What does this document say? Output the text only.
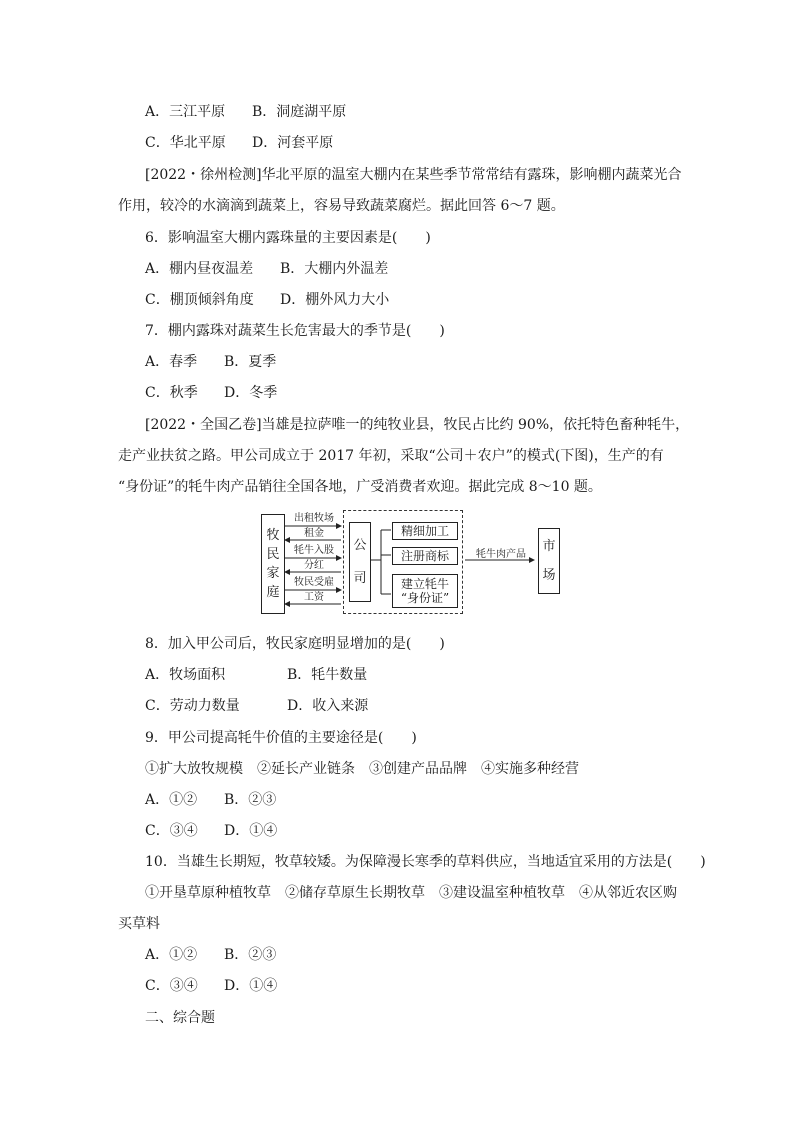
A．三江平原 B．洞庭湖平原
C．华北平原 D．河套平原
[2022・徐州检测]华北平原的温室大棚内在某些季节常常结有露珠，影响棚内蔬菜光合
作用，较冷的水滴滴到蔬菜上，容易导致蔬菜腐烂。据此回答 6～7 题。
6．影响温室大棚内露珠量的主要因素是(　　)
A．棚内昼夜温差 B．大棚内外温差
C．棚顶倾斜角度 D．棚外风力大小
7．棚内露珠对蔬菜生长危害最大的季节是(　　)
A．春季 B．夏季
C．秋季 D．冬季
[2022・全国乙卷]当雄是拉萨唯一的纯牧业县，牧民占比约 90%，依托特色畜种牦牛，
走产业扶贫之路。甲公司成立于 2017 年初，采取“公司＋农户”的模式(下图)，生产的有
“身份证”的牦牛肉产品销往全国各地，广受消费者欢迎。据此完成 8～10 题。
牧
民
家
庭
出租牧场
租金
牦牛入股
分红
牧民受雇
工资
公
司
精细加工
注册商标
建立牦牛
“身份证”
牦牛肉产品
市
场
8．加入甲公司后，牧民家庭明显增加的是(　　)
A．牧场面积	B．牦牛数量
C．劳动力数量	D．收入来源
9．甲公司提高牦牛价值的主要途径是(　　)
①扩大放牧规模　②延长产业链条　③创建产品品牌　④实施多种经营
A．①② B．②③
C．③④ D．①④
10．当雄生长期短，牧草较矮。为保障漫长寒季的草料供应，当地适宜采用的方法是(　　)
①开垦草原种植牧草　②储存草原生长期牧草　③建设温室种植牧草　④从邻近农区购
买草料
A．①② B．②③
C．③④ D．①④
二、综合题
